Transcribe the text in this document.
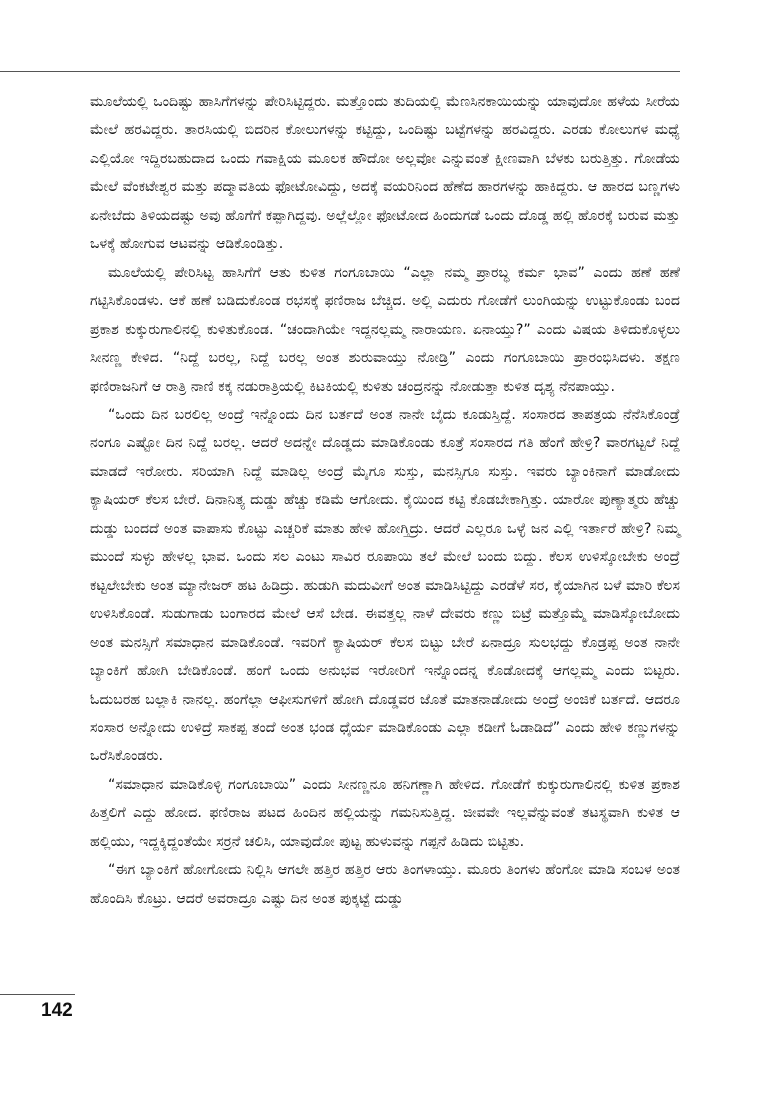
ಮೂಲೆಯಲ್ಲಿ ಒಂದಿಷ್ಟು ಹಾಸಿಗೆಗಳನ್ನು ಪೇರಿಸಿಟ್ಟಿದ್ದರು. ಮತ್ತೊಂದು ತುದಿಯಲ್ಲಿ ಮೆಣಸಿನಕಾಯಿಯನ್ನು ಯಾವುದೋ ಹಳೆಯ ಸೀರೆಯ ಮೇಲೆ ಹರವಿದ್ದರು. ತಾರಸಿಯಲ್ಲಿ ಬಿದರಿನ ಕೋಲುಗಳನ್ನು ಕಟ್ಟಿದ್ದು, ಒಂದಿಷ್ಟು ಬಟ್ಟೆಗಳನ್ನು ಹರವಿದ್ದರು. ಎರಡು ಕೋಲುಗಳ ಮಧ್ಯೆ ಎಲ್ಲಿಯೋ ಇದ್ದಿರಬಹುದಾದ ಒಂದು ಗವಾಕ್ಷಿಯ ಮೂಲಕ ಹೌದೋ ಅಲ್ಲವೋ ಎನ್ನುವಂತೆ ಕ್ಷೀಣವಾಗಿ ಬೆಳಕು ಬರುತ್ತಿತ್ತು. ಗೋಡೆಯ ಮೇಲೆ ವೆಂಕಟೇಶ್ವರ ಮತ್ತು ಪದ್ಮಾವತಿಯ ಫೋಟೋವಿದ್ದು, ಅದಕ್ಕೆ ವಯರಿನಿಂದ ಹೆಣೆದ ಹಾರಗಳನ್ನು ಹಾಕಿದ್ದರು. ಆ ಹಾರದ ಬಣ್ಣಗಳು ಏನೇಬೆದು ತಿಳಿಯದಷ್ಟು ಅವು ಹೊಗೆಗೆ ಕಪ್ಪಾಗಿದ್ದವು. ಅಲ್ಲೆಲ್ಲೋ ಫೋಟೋದ ಹಿಂದುಗಡೆ ಒಂದು ದೊಡ್ಡ ಹಲ್ಲಿ ಹೊರಕ್ಕೆ ಬರುವ ಮತ್ತು ಒಳಕ್ಕೆ ಹೋಗುವ ಆಟವನ್ನು ಆಡಿಕೊಂಡಿತ್ತು.

ಮೂಲೆಯಲ್ಲಿ ಪೇರಿಸಿಟ್ಟ ಹಾಸಿಗೆಗೆ ಆತು ಕುಳಿತ ಗಂಗೂಬಾಯಿ “ಎಲ್ಲಾ ನಮ್ಮ ಪ್ರಾರಬ್ಧ ಕರ್ಮ ಭಾವ” ಎಂದು ಹಣೆ ಹಣೆ ಗಟ್ಟಿಸಿಕೊಂಡಳು. ಆಕೆ ಹಣೆ ಬಡಿದುಕೊಂಡ ರಭಸಕ್ಕೆ ಫಣಿರಾಜ ಬೆಚ್ಚಿದ. ಅಲ್ಲಿ ಎದುರು ಗೋಡೆಗೆ ಲುಂಗಿಯನ್ನು ಉಟ್ಟುಕೊಂಡು ಬಂದ ಪ್ರಕಾಶ ಕುಕ್ಕುರುಗಾಲಿನಲ್ಲಿ ಕುಳಿತುಕೊಂಡ. “ಚಂದಾಗಿಯೇ ಇದ್ದನಲ್ಲಮ್ಮ ನಾರಾಯಣ. ಏನಾಯ್ತು?” ಎಂದು ವಿಷಯ ತಿಳಿದುಕೊಳ್ಳಲು ಸೀನಣ್ಣ ಕೇಳಿದ. “ನಿದ್ದೆ ಬರಲ್ಲ, ನಿದ್ದೆ ಬರಲ್ಲ ಅಂತ ಶುರುವಾಯ್ತು ನೋಡ್ರಿ” ಎಂದು ಗಂಗೂಬಾಯಿ ಪ್ರಾರಂಭಿಸಿದಳು. ತಕ್ಷಣ ಫಣಿರಾಜನಿಗೆ ಆ ರಾತ್ರಿ ನಾಣಿ ಕಕ್ಕ ನಡುರಾತ್ರಿಯಲ್ಲಿ ಕಿಟಕಿಯಲ್ಲಿ ಕುಳಿತು ಚಂದ್ರನನ್ನು ನೋಡುತ್ತಾ ಕುಳಿತ ದೃಶ್ಯ ನೆನಪಾಯ್ತು.

“ಒಂದು ದಿನ ಬರಲಿಲ್ಲ ಅಂದ್ರೆ ಇನ್ನೊಂದು ದಿನ ಬರ್ತದೆ ಅಂತ ನಾನೇ ಬೈದು ಕೂಡುಸ್ತಿದ್ದೆ. ಸಂಸಾರದ ತಾಪತ್ರಯ ನೆನೆಸಿಕೊಂಡ್ರೆ ನಂಗೂ ಎಷ್ಟೋ ದಿನ ನಿದ್ದೆ ಬರಲ್ಲ. ಆದರೆ ಅದನ್ನೇ ದೊಡ್ಡದು ಮಾಡಿಕೊಂಡು ಕೂತ್ರೆ ಸಂಸಾರದ ಗತಿ ಹೆಂಗೆ ಹೇಳ್ರಿ? ವಾರಗಟ್ಟಲೆ ನಿದ್ದೆ ಮಾಡದೆ ಇರೋರು. ಸರಿಯಾಗಿ ನಿದ್ದೆ ಮಾಡಿಲ್ಲ ಅಂದ್ರೆ ಮೈಗೂ ಸುಸ್ತು, ಮನಸ್ಸಿಗೂ ಸುಸ್ತು. ಇವರು ಬ್ಯಾಂಕಿನಾಗೆ ಮಾಡೋದು ಕ್ಯಾಷಿಯರ್ ಕೆಲಸ ಬೇರೆ. ದಿನಾನಿತ್ಯ ದುಡ್ಡು ಹೆಚ್ಚು ಕಡಿಮೆ ಆಗೋದು. ಕೈಯಿಂದ ಕಟ್ಟಿ ಕೊಡಬೇಕಾಗ್ತಿತ್ತು. ಯಾರೋ ಪುಣ್ಯಾತ್ಮರು ಹೆಚ್ಚು ದುಡ್ಡು ಬಂದದೆ ಅಂತ ವಾಪಾಸು ಕೊಟ್ಟು ಎಚ್ಚರಿಕೆ ಮಾತು ಹೇಳಿ ಹೋಗ್ತಿದ್ರು. ಆದರೆ ಎಲ್ಲರೂ ಒಳ್ಳೆ ಜನ ಎಲ್ಲಿ ಇರ್ತಾರೆ ಹೇಳ್ರಿ? ನಿಮ್ಮ ಮುಂದೆ ಸುಳ್ಳು ಹೇಳಲ್ಲ ಭಾವ. ಒಂದು ಸಲ ಎಂಟು ಸಾವಿರ ರೂಪಾಯಿ ತಲೆ ಮೇಲೆ ಬಂದು ಬಿದ್ದು. ಕೆಲಸ ಉಳಿಸ್ಕೋಬೇಕು ಅಂದ್ರೆ ಕಟ್ಟಲೇಬೇಕು ಅಂತ ಮ್ಯಾನೇಜರ್ ಹಟ ಹಿಡಿದ್ರು. ಹುಡುಗಿ ಮದುವೀಗೆ ಅಂತ ಮಾಡಿಸಿಟ್ಟಿದ್ದು ಎರಡೆಳೆ ಸರ, ಕೈಯಾಗಿನ ಬಳೆ ಮಾರಿ ಕೆಲಸ ಉಳಿಸಿಕೊಂಡೆ. ಸುಡುಗಾಡು ಬಂಗಾರದ ಮೇಲೆ ಆಸೆ ಬೇಡ. ಈವತ್ತಲ್ಲ ನಾಳೆ ದೇವರು ಕಣ್ಣು ಬಿಟ್ರೆ ಮತ್ತೊಮ್ಮೆ ಮಾಡಿಸ್ಕೋಬೋದು ಅಂತ ಮನಸ್ಸಿಗೆ ಸಮಾಧಾನ ಮಾಡಿಕೊಂಡೆ. ಇವರಿಗೆ ಕ್ಯಾಷಿಯರ್ ಕೆಲಸ ಬಿಟ್ಟು ಬೇರೆ ಏನಾದ್ರೂ ಸುಲಭದ್ದು ಕೊಡ್ರಪ್ಪ ಅಂತ ನಾನೇ ಬ್ಯಾಂಕಿಗೆ ಹೋಗಿ ಬೇಡಿಕೊಂಡೆ. ಹಂಗೆ ಒಂದು ಅನುಭವ ಇರೋರಿಗೆ ಇನ್ನೊಂದನ್ನ ಕೊಡೋದಕ್ಕೆ ಆಗಲ್ಲಮ್ಮ ಎಂದು ಬಿಟ್ಟರು. ಓದುಬರಹ ಬಲ್ಲಾಕಿ ನಾನಲ್ಲ. ಹಂಗೆಲ್ಲಾ ಆಫೀಸುಗಳಿಗೆ ಹೋಗಿ ದೊಡ್ಡವರ ಜೊತೆ ಮಾತನಾಡೋದು ಅಂದ್ರೆ ಅಂಜಿಕೆ ಬರ್ತದೆ. ಆದರೂ ಸಂಸಾರ ಅನ್ನೋದು ಉಳಿದ್ರೆ ಸಾಕಪ್ಪ ತಂದೆ ಅಂತ ಭಂಡ ಧೈರ್ಯ ಮಾಡಿಕೊಂಡು ಎಲ್ಲಾ ಕಡೀಗೆ ಓಡಾಡಿದೆ” ಎಂದು ಹೇಳಿ ಕಣ್ಣುಗಳನ್ನು ಒರೆಸಿಕೊಂಡರು.

“ಸಮಾಧಾನ ಮಾಡಿಕೊಳ್ಳಿ ಗಂಗೂಬಾಯಿ” ಎಂದು ಸೀನಣ್ಣನೂ ಹನಿಗಣ್ಣಾಗಿ ಹೇಳಿದ. ಗೋಡೆಗೆ ಕುಕ್ಕುರುಗಾಲಿನಲ್ಲಿ ಕುಳಿತ ಪ್ರಕಾಶ ಹಿತ್ತಲಿಗೆ ಎದ್ದು ಹೋದ. ಫಣಿರಾಜ ಪಟದ ಹಿಂದಿನ ಹಲ್ಲಿಯನ್ನು ಗಮನಿಸುತ್ತಿದ್ದ. ಜೀವವೇ ಇಲ್ಲವೆನ್ನುವಂತೆ ತಟಸ್ಥವಾಗಿ ಕುಳಿತ ಆ ಹಲ್ಲಿಯು, ಇದ್ದಕ್ಕಿದ್ದಂತೆಯೇ ಸರ್ರನೆ ಚಲಿಸಿ, ಯಾವುದೋ ಪುಟ್ಟ ಹುಳುವನ್ನು ಗಪ್ಪನೆ ಹಿಡಿದು ಬಿಟ್ಟಿತು.

“ಈಗ ಬ್ಯಾಂಕಿಗೆ ಹೋಗೋದು ನಿಲ್ಲಿಸಿ ಆಗಲೇ ಹತ್ತಿರ ಹತ್ತಿರ ಆರು ತಿಂಗಳಾಯ್ತು. ಮೂರು ತಿಂಗಳು ಹೆಂಗೋ ಮಾಡಿ ಸಂಬಳ ಅಂತ ಹೊಂದಿಸಿ ಕೊಟ್ರು. ಆದರೆ ಅವರಾದ್ರೂ ಎಷ್ಟು ದಿನ ಅಂತ ಪುಕ್ಕಟ್ಟೆ ದುಡ್ಡು

142
